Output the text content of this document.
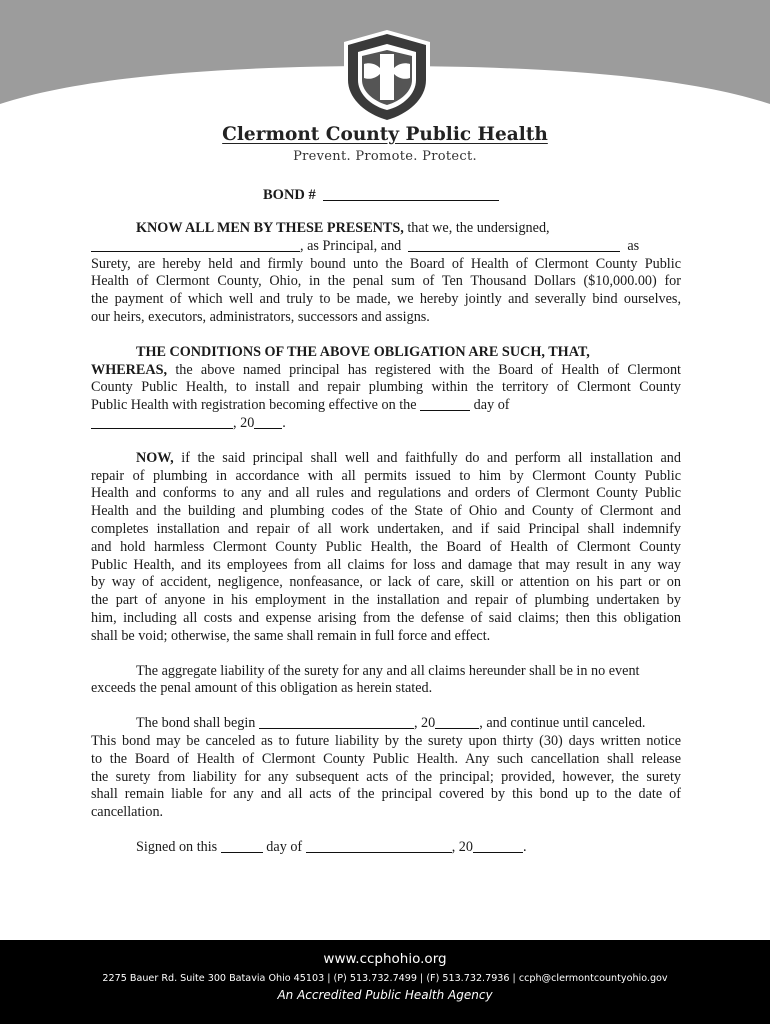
Clermont County Public Health
Prevent. Promote. Protect.
BOND #

KNOW ALL MEN BY THESE PRESENTS, that we, the undersigned,
, as Principal, and	as
Surety, are hereby held and firmly bound unto the Board of Health of Clermont County Public
Health of Clermont County, Ohio, in the penal sum of Ten Thousand Dollars ($10,000.00) for
the payment of which well and truly to be made, we hereby jointly and severally bind ourselves,
our heirs, executors, administrators, successors and assigns.

THE CONDITIONS OF THE ABOVE OBLIGATION ARE SUCH, THAT,
WHEREAS, the above named principal has registered with the Board of Health of Clermont
County Public Health, to install and repair plumbing within the territory of Clermont County
Public Health with registration becoming effective on the	day of
, 20 .

NOW, if the said principal shall well and faithfully do and perform all installation and
repair of plumbing in accordance with all permits issued to him by Clermont County Public
Health and conforms to any and all rules and regulations and orders of Clermont County Public
Health and the building and plumbing codes of the State of Ohio and County of Clermont and
completes installation and repair of all work undertaken, and if said Principal shall indemnify
and hold harmless Clermont County Public Health, the Board of Health of Clermont County
Public Health, and its employees from all claims for loss and damage that may result in any way
by way of accident, negligence, nonfeasance, or lack of care, skill or attention on his part or on
the part of anyone in his employment in the installation and repair of plumbing undertaken by
him, including all costs and expense arising from the defense of said claims; then this obligation
shall be void; otherwise, the same shall remain in full force and effect.

The aggregate liability of the surety for any and all claims hereunder shall be in no event
exceeds the penal amount of this obligation as herein stated.

The bond shall begin	, 20	, and continue until canceled.
This bond may be canceled as to future liability by the surety upon thirty (30) days written notice
to the Board of Health of Clermont County Public Health. Any such cancellation shall release
the surety from liability for any subsequent acts of the principal; provided, however, the surety
shall remain liable for any and all acts of the principal covered by this bond up to the date of
cancellation.

Signed on this	day of	, 20	.

www.ccphohio.org
2275 Bauer Rd. Suite 300 Batavia Ohio 45103 | (P) 513.732.7499 | (F) 513.732.7936 | ccph@clermontcountyohio.gov
An Accredited Public Health Agency
